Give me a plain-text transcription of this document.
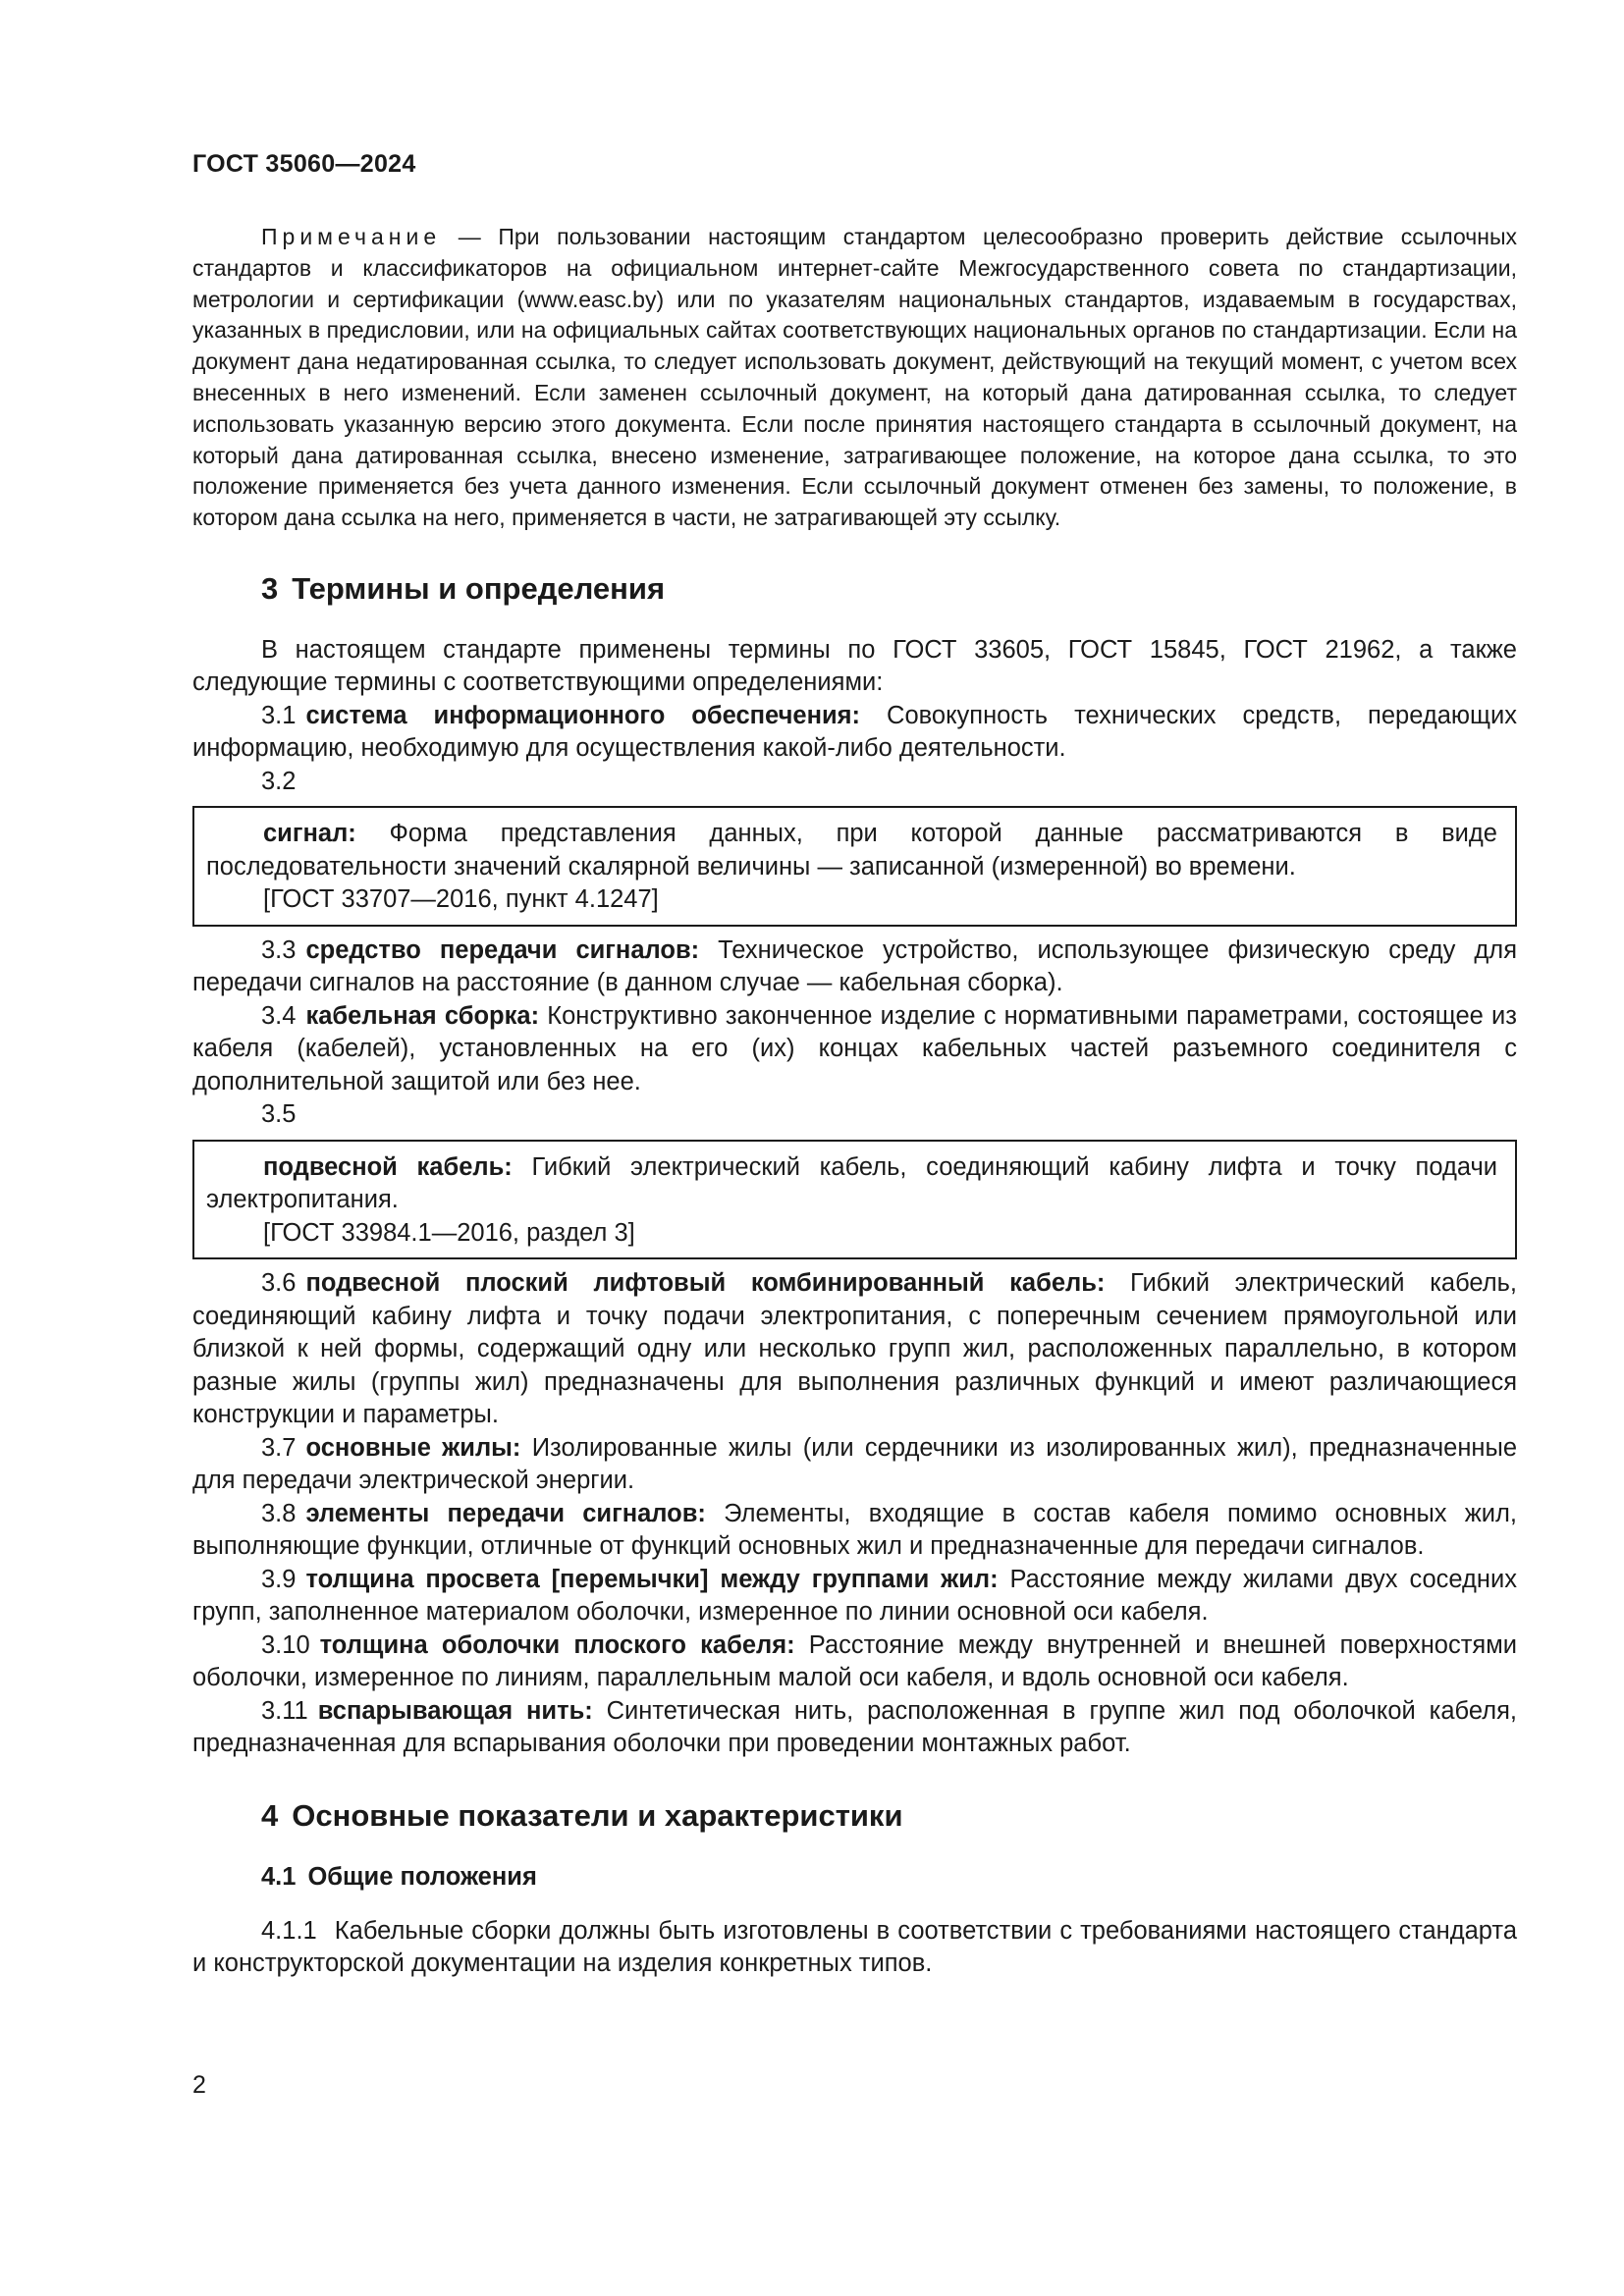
ГОСТ 35060—2024

Примечание — При пользовании настоящим стандартом целесообразно проверить действие ссылочных стандартов и классификаторов на официальном интернет-сайте Межгосударственного совета по стандартизации, метрологии и сертификации (www.easc.by) или по указателям национальных стандартов, издаваемым в государствах, указанных в предисловии, или на официальных сайтах соответствующих национальных органов по стандартизации. Если на документ дана недатированная ссылка, то следует использовать документ, действующий на текущий момент, с учетом всех внесенных в него изменений. Если заменен ссылочный документ, на который дана датированная ссылка, то следует использовать указанную версию этого документа. Если после принятия настоящего стандарта в ссылочный документ, на который дана датированная ссылка, внесено изменение, затрагивающее положение, на которое дана ссылка, то это положение применяется без учета данного изменения. Если ссылочный документ отменен без замены, то положение, в котором дана ссылка на него, применяется в части, не затрагивающей эту ссылку.

3 Термины и определения

В настоящем стандарте применены термины по ГОСТ 33605, ГОСТ 15845, ГОСТ 21962, а также следующие термины с соответствующими определениями:

3.1 система информационного обеспечения: Совокупность технических средств, передающих информацию, необходимую для осуществления какой-либо деятельности.

3.2

сигнал: Форма представления данных, при которой данные рассматриваются в виде последовательности значений скалярной величины — записанной (измеренной) во времени.

[ГОСТ 33707—2016, пункт 4.1247]

3.3 средство передачи сигналов: Техническое устройство, использующее физическую среду для передачи сигналов на расстояние (в данном случае — кабельная сборка).

3.4 кабельная сборка: Конструктивно законченное изделие с нормативными параметрами, состоящее из кабеля (кабелей), установленных на его (их) концах кабельных частей разъемного соединителя с дополнительной защитой или без нее.

3.5

подвесной кабель: Гибкий электрический кабель, соединяющий кабину лифта и точку подачи электропитания.

[ГОСТ 33984.1—2016, раздел 3]

3.6 подвесной плоский лифтовый комбинированный кабель: Гибкий электрический кабель, соединяющий кабину лифта и точку подачи электропитания, с поперечным сечением прямоугольной или близкой к ней формы, содержащий одну или несколько групп жил, расположенных параллельно, в котором разные жилы (группы жил) предназначены для выполнения различных функций и имеют различающиеся конструкции и параметры.

3.7 основные жилы: Изолированные жилы (или сердечники из изолированных жил), предназначенные для передачи электрической энергии.

3.8 элементы передачи сигналов: Элементы, входящие в состав кабеля помимо основных жил, выполняющие функции, отличные от функций основных жил и предназначенные для передачи сигналов.

3.9 толщина просвета [перемычки] между группами жил: Расстояние между жилами двух соседних групп, заполненное материалом оболочки, измеренное по линии основной оси кабеля.

3.10 толщина оболочки плоского кабеля: Расстояние между внутренней и внешней поверхностями оболочки, измеренное по линиям, параллельным малой оси кабеля, и вдоль основной оси кабеля.

3.11 вспарывающая нить: Синтетическая нить, расположенная в группе жил под оболочкой кабеля, предназначенная для вспарывания оболочки при проведении монтажных работ.

4 Основные показатели и характеристики
4.1 Общие положения

4.1.1 Кабельные сборки должны быть изготовлены в соответствии с требованиями настоящего стандарта и конструкторской документации на изделия конкретных типов.

2
